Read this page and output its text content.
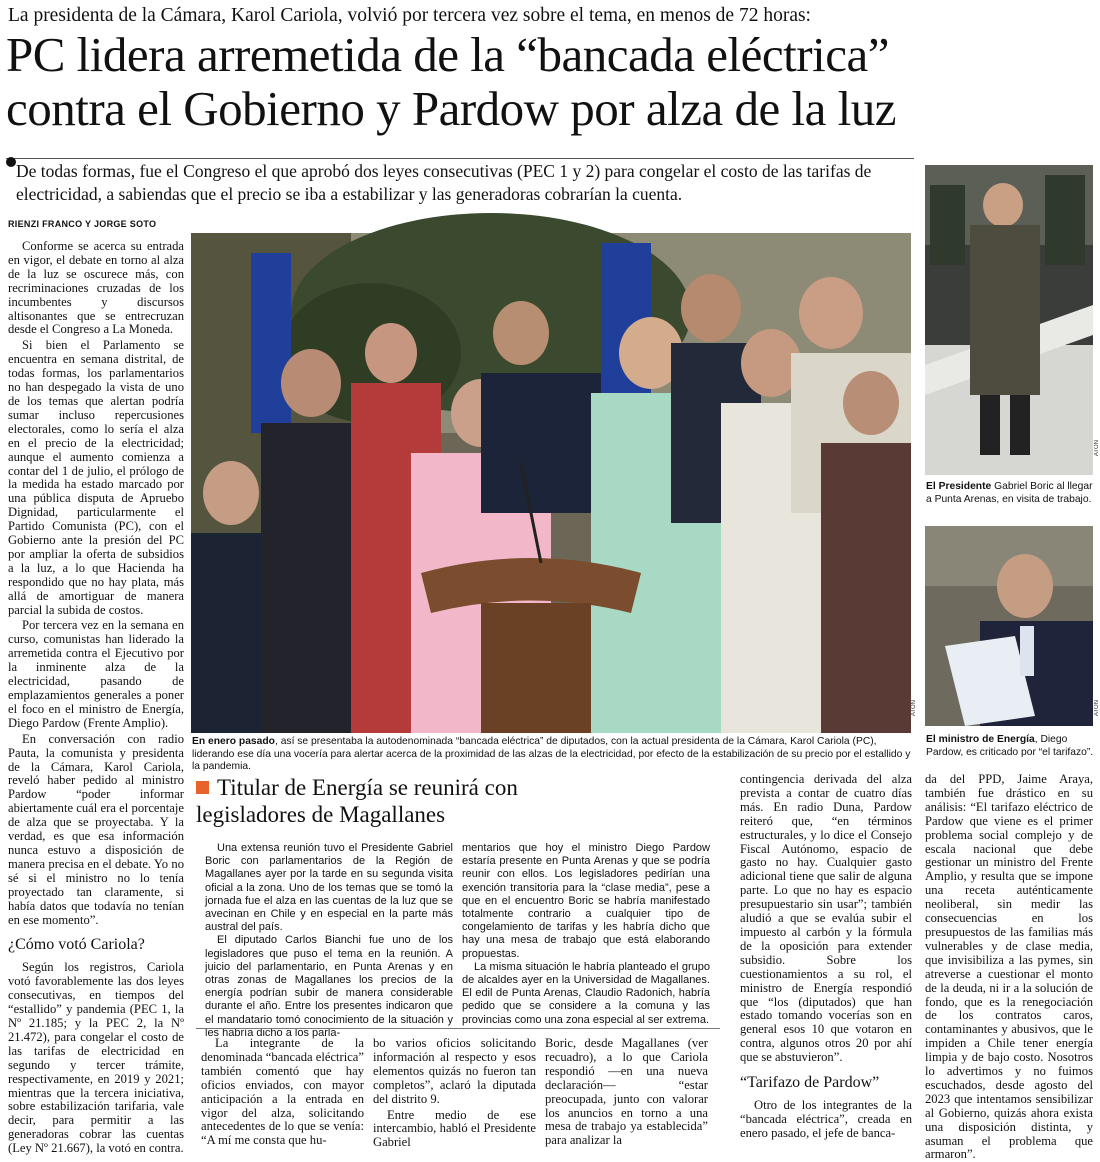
La presidenta de la Cámara, Karol Cariola, volvió por tercera vez sobre el tema, en menos de 72 horas:
PC lidera arremetida de la “bancada eléctrica”
contra el Gobierno y Pardow por alza de la luz
De todas formas, fue el Congreso el que aprobó dos leyes consecutivas (PEC 1 y 2) para congelar el costo de las tarifas de electricidad, a sabiendas que el precio se iba a estabilizar y las generadoras cobrarían la cuenta.
RIENZI FRANCO Y JORGE SOTO

Conforme se acerca su entrada en vigor, el debate en torno al alza de la luz se oscurece más, con recriminaciones cruzadas de los incumbentes y discursos altisonantes que se entrecruzan desde el Congreso a La Moneda.

Si bien el Parlamento se encuentra en semana distrital, de todas formas, los parlamentarios no han despegado la vista de uno de los temas que alertan podría sumar incluso repercusiones electorales, como lo sería el alza en el precio de la electricidad; aunque el aumento comienza a contar del 1 de julio, el prólogo de la medida ha estado marcado por una pública disputa de Apruebo Dignidad, particularmente el Partido Comunista (PC), con el Gobierno ante la presión del PC por ampliar la oferta de subsidios a la luz, a lo que Hacienda ha respondido que no hay plata, más allá de amortiguar de manera parcial la subida de costos.

Por tercera vez en la semana en curso, comunistas han liderado la arremetida contra el Ejecutivo por la inminente alza de la electricidad, pasando de emplazamientos generales a poner el foco en el ministro de Energía, Diego Pardow (Frente Amplio).

En conversación con radio Pauta, la comunista y presidenta de la Cámara, Karol Cariola, reveló haber pedido al ministro Pardow “poder informar abiertamente cuál era el porcentaje de alza que se proyectaba. Y la verdad, es que esa información nunca estuvo a disposición de manera precisa en el debate. Yo no sé si el ministro no lo tenía proyectado tan claramente, si había datos que todavía no tenían en ese momento”.

¿Cómo votó Cariola?

Según los registros, Cariola votó favorablemente las dos leyes consecutivas, en tiempos del “estallido” y pandemia (PEC 1, la Nº 21.185; y la PEC 2, la Nº 21.472), para congelar el costo de las tarifas de electricidad en segundo y tercer trámite, respectivamente, en 2019 y 2021; mientras que la tercera iniciativa, sobre estabilización tarifaria, vale decir, para permitir a las generadoras cobrar las cuentas (Ley Nº 21.667), la votó en contra.

ATON
En enero pasado, así se presentaba la autodenominada “bancada eléctrica” de diputados, con la actual presidenta de la Cámara, Karol Cariola (PC), liderando ese día una vocería para alertar acerca de la proximidad de las alzas de la electricidad, por efecto de la estabilización de su precio por el estallido y la pandemia.
ATON
El Presidente Gabriel Boric al llegar a Punta Arenas, en visita de trabajo.
ATON
El ministro de Energía, Diego Pardow, es criticado por “el tarifazo”.
Titular de Energía se reunirá con
legisladores de Magallanes

Una extensa reunión tuvo el Presidente Gabriel Boric con parlamentarios de la Región de Magallanes ayer por la tarde en su segunda visita oficial a la zona. Uno de los temas que se tomó la jornada fue el alza en las cuentas de la luz que se avecinan en Chile y en especial en la parte más austral del país.

El diputado Carlos Bianchi fue uno de los legisladores que puso el tema en la reunión. A juicio del parlamentario, en Punta Arenas y en otras zonas de Magallanes los precios de la energía podrían subir de manera considerable durante el año. Entre los presentes indicaron que el mandatario tomó conocimiento de la situación y les habría dicho a los parla-

mentarios que hoy el ministro Diego Pardow estaría presente en Punta Arenas y que se podría reunir con ellos. Los legisladores pedirían una exención transitoria para la “clase media”, pese a que en el encuentro Boric se habría manifestado totalmente contrario a cualquier tipo de congelamiento de tarifas y les habría dicho que hay una mesa de trabajo que está elaborando propuestas.

La misma situación le habría planteado el grupo de alcaldes ayer en la Universidad de Magallanes. El edil de Punta Arenas, Claudio Radonich, habría pedido que se considere a la comuna y las provincias como una zona especial al ser extrema.

La integrante de la denominada “bancada eléctrica” también comentó que hay oficios enviados, con mayor anticipación a la entrada en vigor del alza, solicitando antecedentes de lo que se venía: “A mí me consta que hu-

bo varios oficios solicitando información al respecto y esos elementos quizás no fueron tan completos”, aclaró la diputada del distrito 9.

Entre medio de ese intercambio, habló el Presidente Gabriel

Boric, desde Magallanes (ver recuadro), a lo que Cariola respondió —en una nueva declaración— “estar preocupada, junto con valorar los anuncios en torno a una mesa de trabajo ya establecida” para analizar la

contingencia derivada del alza prevista a contar de cuatro días más. En radio Duna, Pardow reiteró que, “en términos estructurales, y lo dice el Consejo Fiscal Autónomo, espacio de gasto no hay. Cualquier gasto adicional tiene que salir de alguna parte. Lo que no hay es espacio presupuestario sin usar”; también aludió a que se evalúa subir el impuesto al carbón y la fórmula de la oposición para extender subsidio. Sobre los cuestionamientos a su rol, el ministro de Energía respondió que “los (diputados) que han estado tomando vocerías son en general esos 10 que votaron en contra, algunos otros 20 por ahí que se abstuvieron”.

“Tarifazo de Pardow”

Otro de los integrantes de la “bancada eléctrica”, creada en enero pasado, el jefe de banca-

da del PPD, Jaime Araya, también fue drástico en su análisis: “El tarifazo eléctrico de Pardow que viene es el primer problema social complejo y de escala nacional que debe gestionar un ministro del Frente Amplio, y resulta que se impone una receta auténticamente neoliberal, sin medir las consecuencias en los presupuestos de las familias más vulnerables y de clase media, que invisibiliza a las pymes, sin atreverse a cuestionar el monto de la deuda, ni ir a la solución de fondo, que es la renegociación de los contratos caros, contaminantes y abusivos, que le impiden a Chile tener energía limpia y de bajo costo. Nosotros lo advertimos y no fuimos escuchados, desde agosto del 2023 que intentamos sensibilizar al Gobierno, quizás ahora exista una disposición distinta, y asuman el problema que armaron”.
